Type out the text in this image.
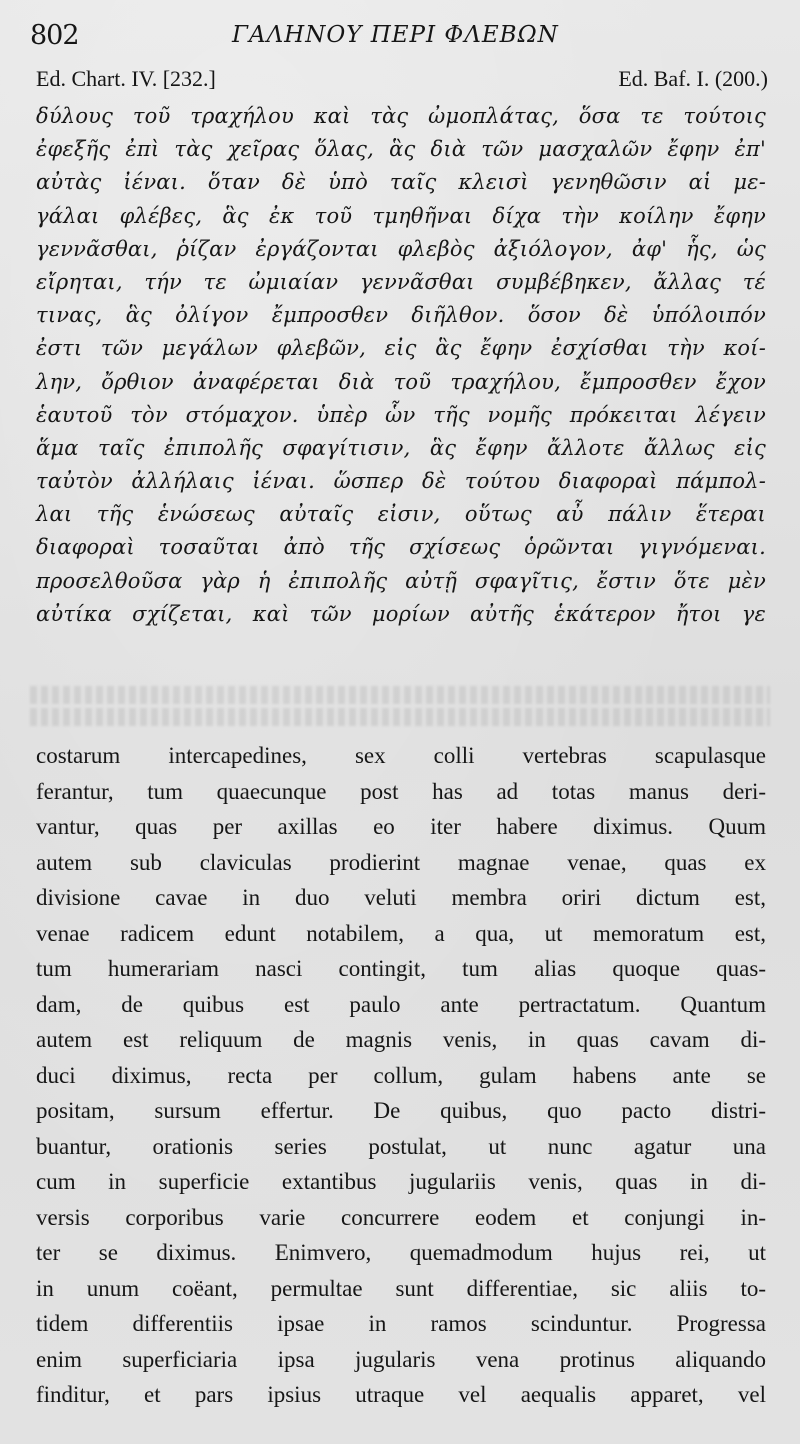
802	ΓΑΛΗΝΟΥ ΠΕΡΙ ΦΛΕΒΩΝ
Ed. Chart. IV. [232.]	Ed. Baf. I. (200.)
δύλους τοῦ τραχήλου καὶ τὰς ὠμοπλάτας, ὅσα τε τούτοις
ἐφεξῆς ἐπὶ τὰς χεῖρας ὅλας, ἃς διὰ τῶν μασχαλῶν ἔφην ἐπ'
αὐτὰς ἰέναι. ὅταν δὲ ὑπὸ ταῖς κλεισὶ γενηθῶσιν αἱ με-
γάλαι φλέβες, ἃς ἐκ τοῦ τμηθῆναι δίχα τὴν κοίλην ἔφην
γεννᾶσθαι, ῥίζαν ἐργάζονται φλεβὸς ἀξιόλογον, ἀφ' ἧς, ὡς
εἴρηται, τήν τε ὠμιαίαν γεννᾶσθαι συμβέβηκεν, ἄλλας τέ
τινας, ἃς ὀλίγον ἔμπροσθεν διῆλθον. ὅσον δὲ ὑπόλοιπόν
ἐστι τῶν μεγάλων φλεβῶν, εἰς ἃς ἔφην ἐσχίσθαι τὴν κοί-
λην, ὄρθιον ἀναφέρεται διὰ τοῦ τραχήλου, ἔμπροσθεν ἔχον
ἑαυτοῦ τὸν στόμαχον. ὑπὲρ ὧν τῆς νομῆς πρόκειται λέγειν
ἅμα ταῖς ἐπιπολῆς σφαγίτισιν, ἃς ἔφην ἄλλοτε ἄλλως εἰς
ταὐτὸν ἀλλήλαις ἰέναι. ὥσπερ δὲ τούτου διαφοραὶ πάμπολ-
λαι τῆς ἑνώσεως αὐταῖς εἰσιν, οὕτως αὖ πάλιν ἕτεραι
διαφοραὶ τοσαῦται ἀπὸ τῆς σχίσεως ὁρῶνται γιγνόμεναι.
προσελθοῦσα γὰρ ἡ ἐπιπολῆς αὐτῇ σφαγῖτις, ἔστιν ὅτε μὲν
αὐτίκα σχίζεται, καὶ τῶν μορίων αὐτῆς ἑκάτερον ἤτοι γε
costarum intercapedines, sex colli vertebras scapulasque
ferantur, tum quaecunque post has ad totas manus deri-
vantur, quas per axillas eo iter habere diximus. Quum
autem sub claviculas prodierint magnae venae, quas ex
divisione cavae in duo veluti membra oriri dictum est,
venae radicem edunt notabilem, a qua, ut memoratum est,
tum humerariam nasci contingit, tum alias quoque quas-
dam, de quibus est paulo ante pertractatum. Quantum
autem est reliquum de magnis venis, in quas cavam di-
duci diximus, recta per collum, gulam habens ante se
positam, sursum effertur. De quibus, quo pacto distri-
buantur, orationis series postulat, ut nunc agatur una
cum in superficie extantibus jugulariis venis, quas in di-
versis corporibus varie concurrere eodem et conjungi in-
ter se diximus. Enimvero, quemadmodum hujus rei, ut
in unum coëant, permultae sunt differentiae, sic aliis to-
tidem differentiis ipsae in ramos scinduntur. Progressa
enim superficiaria ipsa jugularis vena protinus aliquando
finditur, et pars ipsius utraque vel aequalis apparet, vel
